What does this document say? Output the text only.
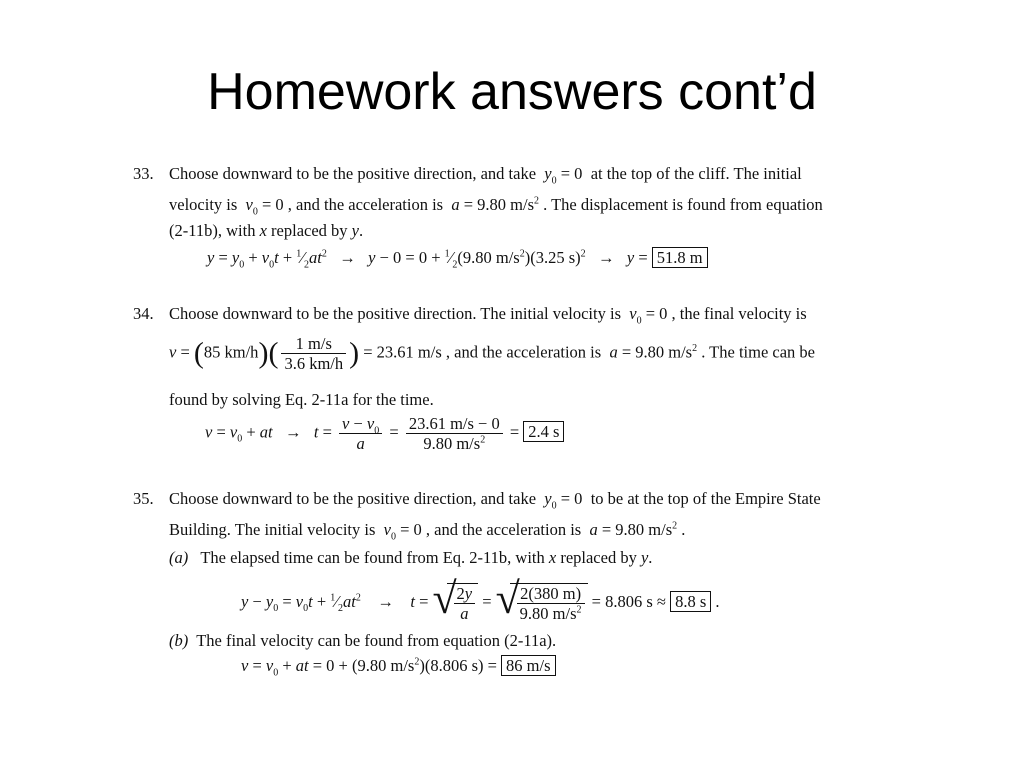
Homework answers cont’d
33. Choose downward to be the positive direction, and take $y_0 = 0$  at the top of the cliff. The initial
velocity is $v_0 = 0$ , and the acceleration is a = 9.80 $m/s^2$ . The displacement is found from equation
(2-11b), with x replaced by y.
$y = y_0 + v_0t$ + $^1⁄_2at^2 \to y - 0 = 0$ + $^1⁄_2(9.80$ $m/s^2)(3.25$ s)$^2$   →   y = 51.8 m
34. Choose downward to be the positive direction. The initial velocity is $v_0 = 0$ , the final velocity is
v = (85 $km/h)( \frac{1 m/s}{3.6 km/h}$ ) = 23.61 m/s , and the acceleration is a = 9.80 $m/s^2$ . The time can be
found by solving Eq. 2-11a for the time.
$v = v_0$ + at   →   $t = \frac{v - v_0}{a} = \frac{23.61 m/s - 0}{9.80 m/s^2} = 2.4$ s
35. Choose downward to be the positive direction, and take $y_0 = 0$  to be at the top of the Empire State
Building. The initial velocity is $v_0 = 0$ , and the acceleration is a = 9.80 $m/s^2$ .
(a) The elapsed time can be found from Eq. 2-11b, with x replaced by y.
$y - y_0 = v_0t$ + $^1⁄_2at^2$    →    t = √
$\frac{2y}{a}$ = √
$\frac{2(380 m)}{9.80 m/s^2} = 8.806$ s ≈ 8.8 s .
(b) The final velocity can be found from equation (2-11a).
$v = v_0$ + at = 0 + (9.80 $m/s^2)(8.806$ s) = 86 m/s
